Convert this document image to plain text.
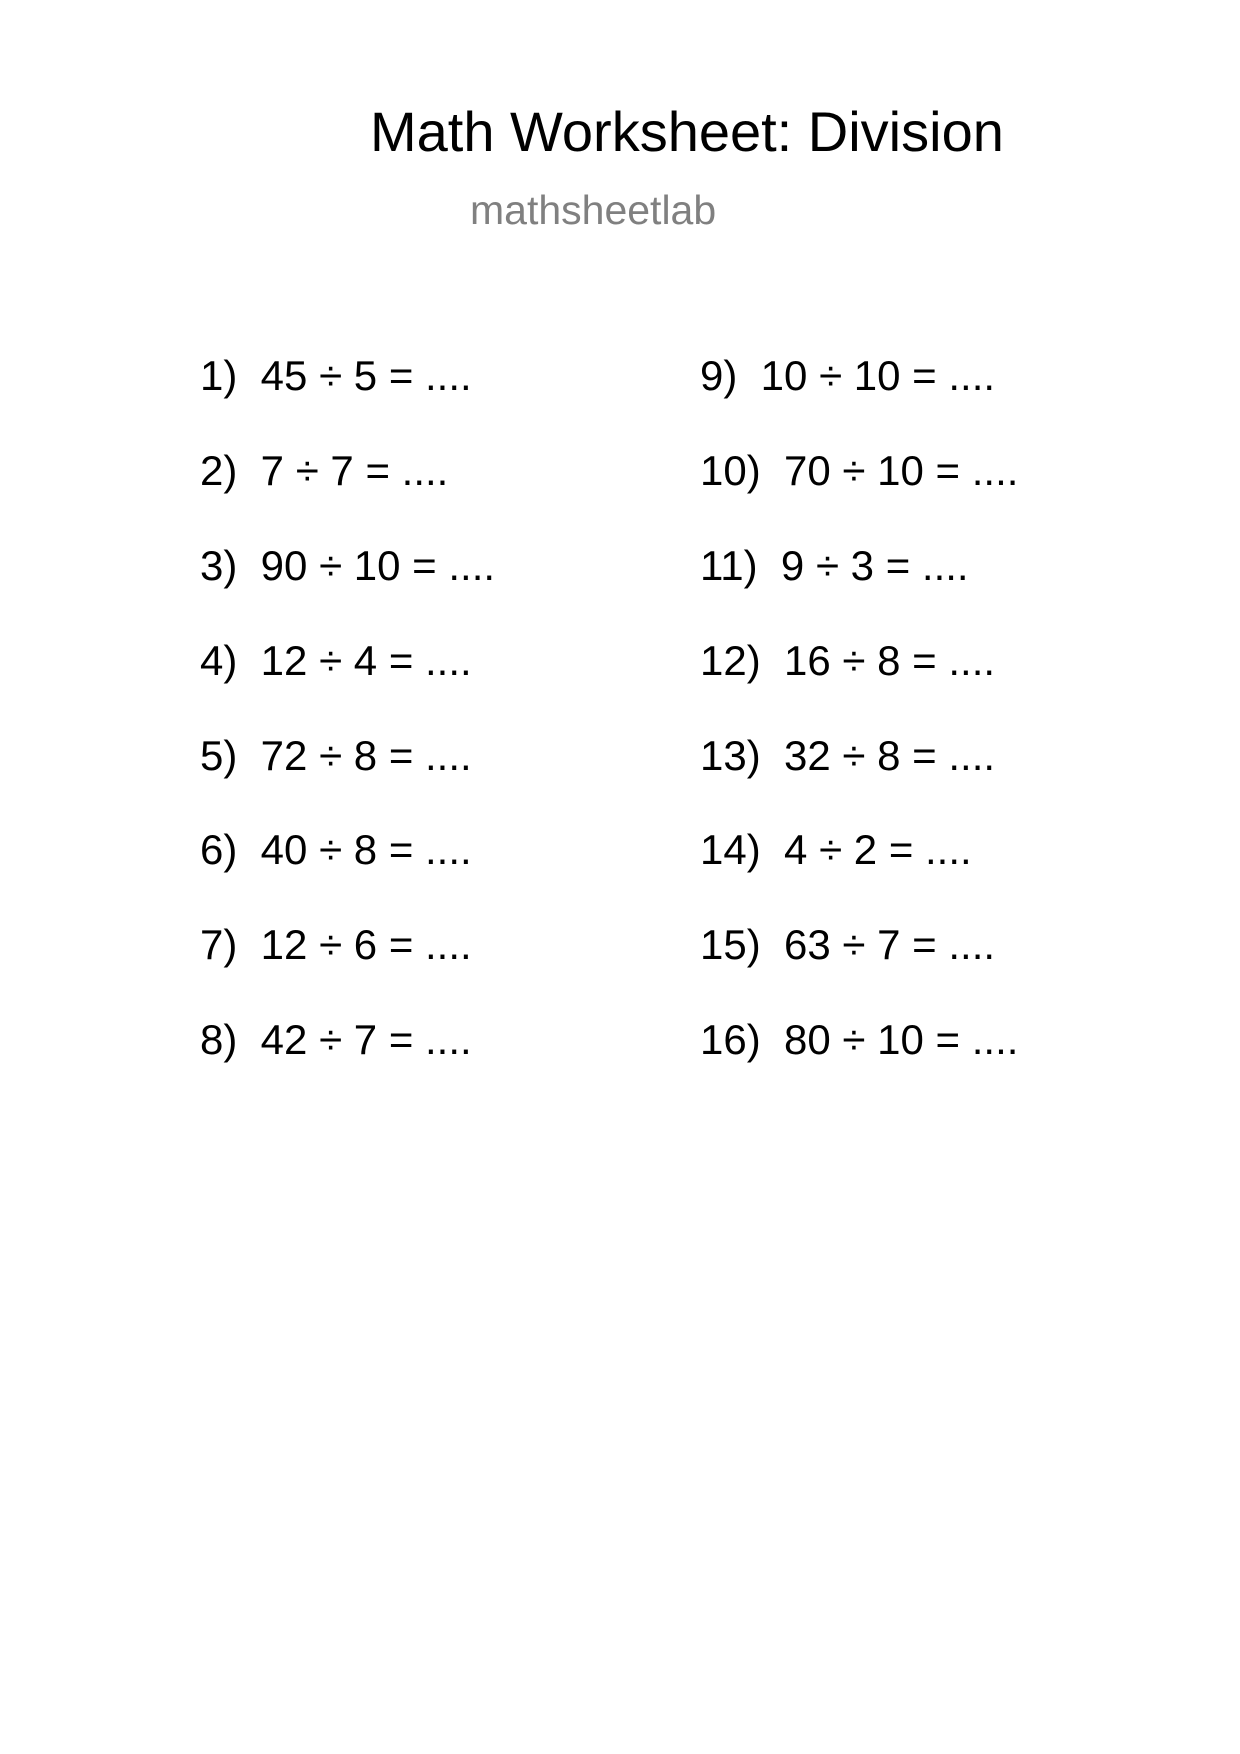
Math Worksheet: Division
mathsheetlab
1)  45 ÷ 5 = ....
2)  7 ÷ 7 = ....
3)  90 ÷ 10 = ....
4)  12 ÷ 4 = ....
5)  72 ÷ 8 = ....
6)  40 ÷ 8 = ....
7)  12 ÷ 6 = ....
8)  42 ÷ 7 = ....
9)  10 ÷ 10 = ....
10)  70 ÷ 10 = ....
11)  9 ÷ 3 = ....
12)  16 ÷ 8 = ....
13)  32 ÷ 8 = ....
14)  4 ÷ 2 = ....
15)  63 ÷ 7 = ....
16)  80 ÷ 10 = ....
